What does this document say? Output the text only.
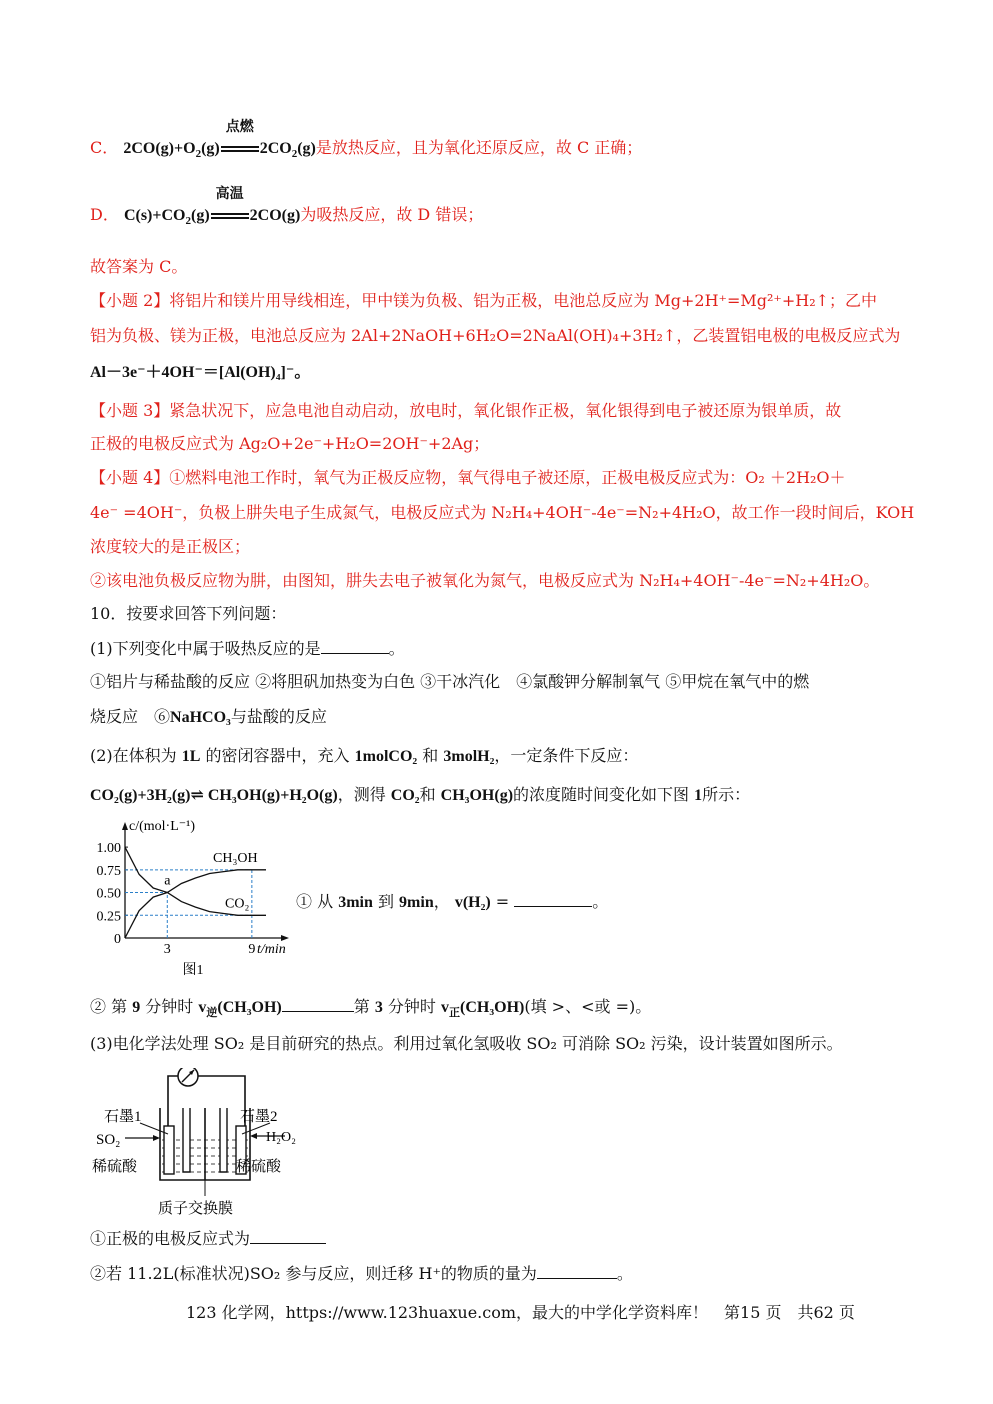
C． $2CO(g)+O_2(g)$
点燃
$2CO_2(g)$是放热反应，且为氧化还原反应，故 C 正确；
D． $C(s)+CO_2(g)$
高温
2CO(g)为吸热反应，故 D 错误；
故答案为 C。
【小题 2】将铝片和镁片用导线相连，甲中镁为负极、铝为正极，电池总反应为 Mg+2H⁺=Mg²⁺+H₂↑；乙中
铝为负极、镁为正极，电池总反应为 2Al+2NaOH+6H₂O=2NaAl(OH)₄+3H₂↑，乙装置铝电极的电极反应式为
Al－3e⁻＋4OH⁻＝[Al(OH)₄]⁻。
【小题 3】紧急状况下，应急电池自动启动，放电时，氧化银作正极，氧化银得到电子被还原为银单质，故
正极的电极反应式为 Ag₂O+2e⁻+H₂O=2OH⁻+2Ag；
【小题 4】①燃料电池工作时，氧气为正极反应物，氧气得电子被还原，正极电极反应式为：O₂ ＋2H₂O＋
4e⁻ =4OH⁻，负极上肼失电子生成氮气，电极反应式为 N₂H₄+4OH⁻-4e⁻=N₂+4H₂O，故工作一段时间后，KOH
浓度较大的是正极区；
②该电池负极反应物为肼，由图知，肼失去电子被氧化为氮气，电极反应式为 N₂H₄+4OH⁻-4e⁻=N₂+4H₂O。
10．按要求回答下列问题：
(1)下列变化中属于吸热反应的是	。
①铝片与稀盐酸的反应 ②将胆矾加热变为白色 ③干冰汽化　④氯酸钾分解制氧气 ⑤甲烷在氧气中的燃
烧反应　⑥NaHCO₃与盐酸的反应
(2)在体积为 1L 的密闭容器中，充入 1molCO₂ 和 3molH₂，一定条件下反应：
CO₂(g)+3H₂(g)⇌ CH₃OH(g)+H₂O(g)，测得 CO₂和 CH₃OH(g)的浓度随时间变化如下图 1所示：
1.00
0.75
0.50
0.25
0
3	9
CH₃OH
CO₂
a
c/(mol·L⁻¹)
t/min
图1
① 从 3min 到 9min， v(H₂) =	。
② 第 9 分钟时 $v_逆(CH_3OH)$	第 3 分钟时 $v_正(CH_3OH)$(填 >、<或 =)。
(3)电化学法处理 SO₂ 是目前研究的热点。利用过氧化氢吸收 SO₂ 可消除 SO₂ 污染，设计装置如图所示。
石墨1	石墨2
SO₂	H₂O₂
稀硫酸	稀硫酸
质子交换膜
①正极的电极反应式为
②若 11.2L(标准状况)SO₂ 参与反应，则迁移 H⁺的物质的量为	。
123 化学网，https://www.123huaxue.com，最大的中学化学资料库！　第15 页　共62 页
